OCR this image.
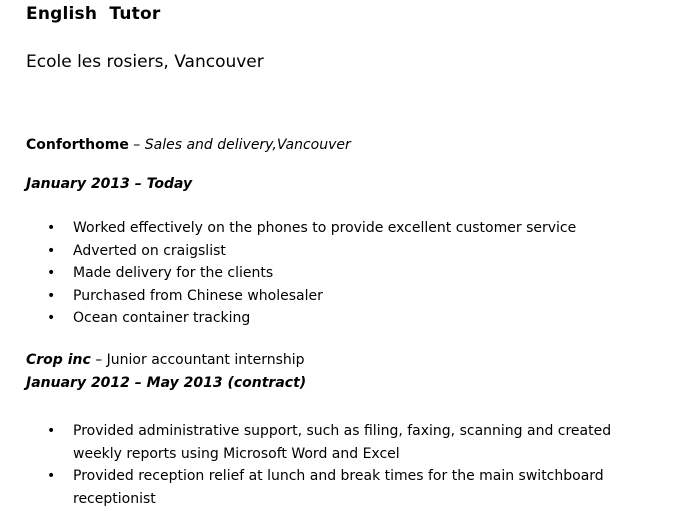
English  Tutor
Ecole les rosiers, Vancouver
Conforthome – Sales and delivery,Vancouver
January 2013 – Today
• Worked effectively on the phones to provide excellent customer service
• Adverted on craigslist
• Made delivery for the clients
• Purchased from Chinese wholesaler
• Ocean container tracking
Crop inc – Junior accountant internship
January 2012 – May 2013 (contract)
• Provided administrative support, such as filing, faxing, scanning and created weekly reports using Microsoft Word and Excel
• Provided reception relief at lunch and break times for the main switchboard receptionist
